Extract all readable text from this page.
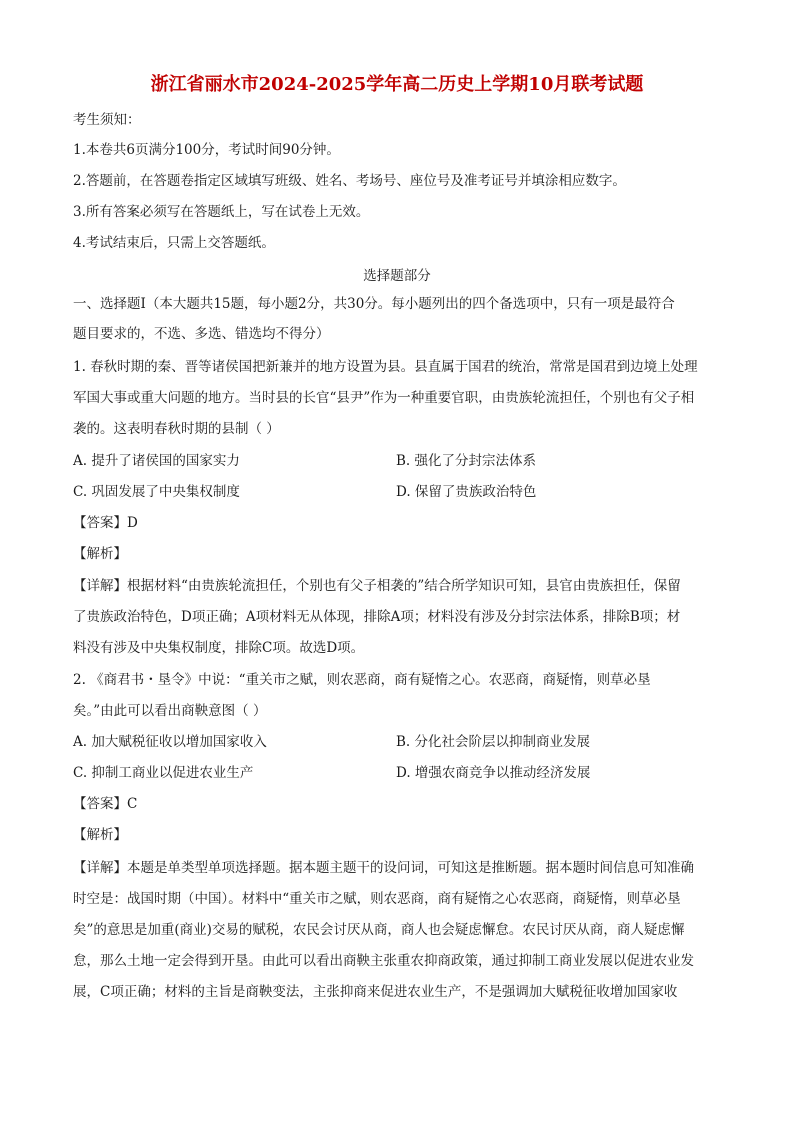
浙江省丽水市2024-2025学年高二历史上学期10月联考试题
考生须知：
1.本卷共6页满分100分，考试时间90分钟。
2.答题前，在答题卷指定区域填写班级、姓名、考场号、座位号及准考证号并填涂相应数字。
3.所有答案必须写在答题纸上，写在试卷上无效。
4.考试结束后，只需上交答题纸。
选择题部分
一、选择题Ⅰ（本大题共15题，每小题2分，共30分。每小题列出的四个备选项中，只有一项是最符合
题目要求的，不选、多选、错选均不得分）
1. 春秋时期的秦、晋等诸侯国把新兼并的地方设置为县。县直属于国君的统治，常常是国君到边境上处理
军国大事或重大问题的地方。当时县的长官“县尹”作为一种重要官职，由贵族轮流担任，个别也有父子相
袭的。这表明春秋时期的县制（ ）
A. 提升了诸侯国的国家实力	B. 强化了分封宗法体系
C. 巩固发展了中央集权制度	D. 保留了贵族政治特色
【答案】D
【解析】
【详解】根据材料“由贵族轮流担任，个别也有父子相袭的”结合所学知识可知，县官由贵族担任，保留
了贵族政治特色，D项正确；A项材料无从体现，排除A项；材料没有涉及分封宗法体系，排除B项；材
料没有涉及中央集权制度，排除C项。故选D项。
2. 《商君书・垦令》中说：“重关市之赋，则农恶商，商有疑惰之心。农恶商，商疑惰，则草必垦
矣。”由此可以看出商鞅意图（ ）
A. 加大赋税征收以增加国家收入	B. 分化社会阶层以抑制商业发展
C. 抑制工商业以促进农业生产	D. 增强农商竞争以推动经济发展
【答案】C
【解析】
【详解】本题是单类型单项选择题。据本题主题干的设问词，可知这是推断题。据本题时间信息可知准确
时空是：战国时期（中国）。材料中“重关市之赋，则农恶商，商有疑惰之心农恶商，商疑惰，则草必垦
矣”的意思是加重(商业)交易的赋税，农民会讨厌从商，商人也会疑虑懈怠。农民讨厌从商，商人疑虑懈
怠，那么土地一定会得到开垦。由此可以看出商鞅主张重农抑商政策，通过抑制工商业发展以促进农业发
展，C项正确；材料的主旨是商鞅变法，主张抑商来促进农业生产，不是强调加大赋税征收增加国家收
